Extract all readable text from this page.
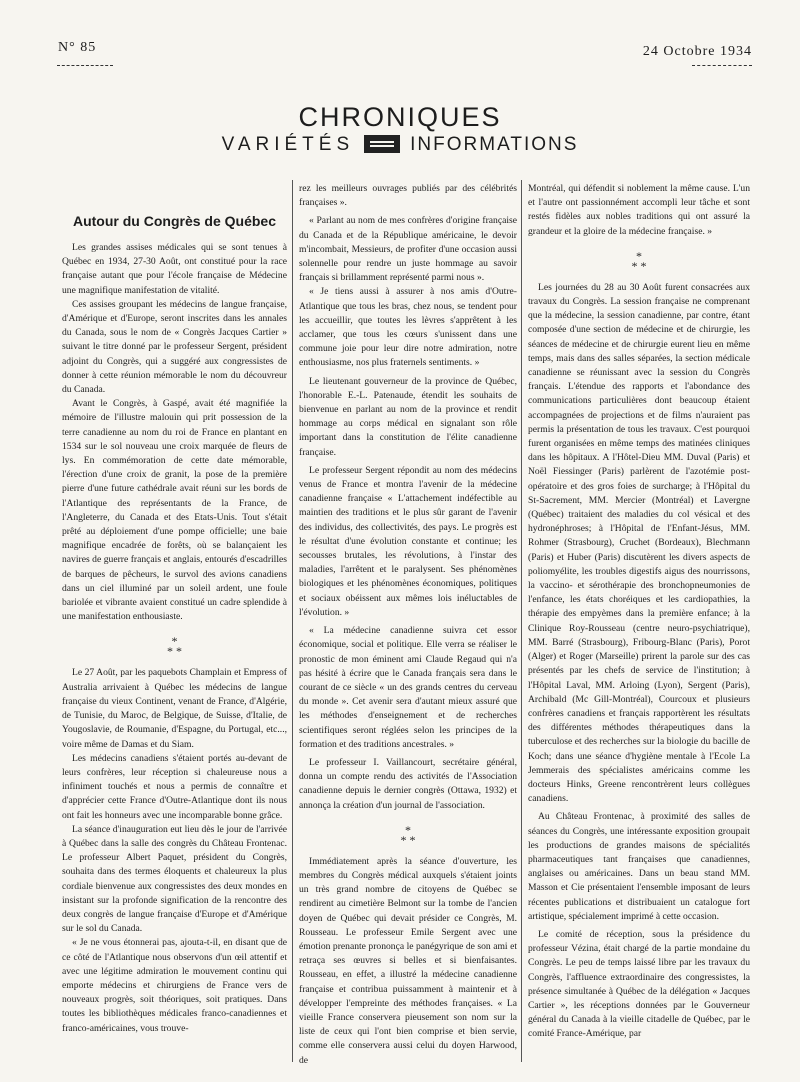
N° 85	24 Octobre 1934
CHRONIQUES
VARIÉTÉS	INFORMATIONS
Autour du Congrès de Québec

Les grandes assises médicales qui se sont tenues à Québec en 1934, 27-30 Août, ont constitué pour la race française autant que pour l'école française de Médecine une magnifique manifestation de vitalité.

Ces assises groupant les médecins de langue française, d'Amérique et d'Europe, seront inscrites dans les annales du Canada, sous le nom de « Congrès Jacques Cartier » suivant le titre donné par le professeur Sergent, président adjoint du Congrès, qui a suggéré aux congressistes de donner à cette réunion mémorable le nom du découvreur du Canada.

Avant le Congrès, à Gaspé, avait été magnifiée la mémoire de l'illustre malouin qui prit possession de la terre canadienne au nom du roi de France en plantant en 1534 sur le sol nouveau une croix marquée de fleurs de lys. En commémoration de cette date mémorable, l'érection d'une croix de granit, la pose de la première pierre d'une future cathédrale avait réuni sur les bords de l'Atlantique des représentants de la France, de l'Angleterre, du Canada et des Etats-Unis. Tout s'était prêté au déploiement d'une pompe officielle; une baie magnifique encadrée de forêts, où se balançaient les navires de guerre français et anglais, entourés d'escadrilles de barques de pêcheurs, le survol des avions canadiens dans un ciel illuminé par un soleil ardent, une foule bariolée et vibrante avaient constitué un cadre splendide à une manifestation enthousiaste.

*
* *

Le 27 Août, par les paquebots Champlain et Empress of Australia arrivaient à Québec les médecins de langue française du vieux Continent, venant de France, d'Algérie, de Tunisie, du Maroc, de Belgique, de Suisse, d'Italie, de Yougoslavie, de Roumanie, d'Espagne, du Portugal, etc..., voire même de Damas et du Siam.

Les médecins canadiens s'étaient portés au-devant de leurs confrères, leur réception si chaleureuse nous a infiniment touchés et nous a permis de connaître et d'apprécier cette France d'Outre-Atlantique dont ils nous ont fait les honneurs avec une incomparable bonne grâce.

La séance d'inauguration eut lieu dès le jour de l'arrivée à Québec dans la salle des congrès du Château Frontenac. Le professeur Albert Paquet, président du Congrès, souhaita dans des termes éloquents et chaleureux la plus cordiale bienvenue aux congressistes des deux mondes en insistant sur la profonde signification de la rencontre des deux congrès de langue française d'Europe et d'Amérique sur le sol du Canada.

« Je ne vous étonnerai pas, ajouta-t-il, en disant que de ce côté de l'Atlantique nous observons d'un œil attentif et avec une légitime admiration le mouvement continu qui emporte médecins et chirurgiens de France vers de nouveaux progrès, soit théoriques, soit pratiques. Dans toutes les bibliothèques médicales franco-canadiennes et franco-américaines, vous trouve-

rez les meilleurs ouvrages publiés par des célébrités françaises ».

« Parlant au nom de mes confrères d'origine française du Canada et de la République américaine, le devoir m'incombait, Messieurs, de profiter d'une occasion aussi solennelle pour rendre un juste hommage au savoir français si brillamment représenté parmi nous ».

« Je tiens aussi à assurer à nos amis d'Outre-Atlantique que tous les bras, chez nous, se tendent pour les accueillir, que toutes les lèvres s'apprêtent à les acclamer, que tous les cœurs s'unissent dans une commune joie pour leur dire notre admiration, notre enthousiasme, nos plus fraternels sentiments. »

Le lieutenant gouverneur de la province de Québec, l'honorable E.-L. Patenaude, étendit les souhaits de bienvenue en parlant au nom de la province et rendit hommage au corps médical en signalant son rôle important dans la constitution de l'élite canadienne française.

Le professeur Sergent répondit au nom des médecins venus de France et montra l'avenir de la médecine canadienne française « L'attachement indéfectible au maintien des traditions et le plus sûr garant de l'avenir des individus, des collectivités, des pays. Le progrès est le résultat d'une évolution constante et continue; les secousses brutales, les révolutions, à l'instar des maladies, l'arrêtent et le paralysent. Ses phénomènes biologiques et les phénomènes économiques, politiques et sociaux obéissent aux mêmes lois inéluctables de l'évolution. »

« La médecine canadienne suivra cet essor économique, social et politique. Elle verra se réaliser le pronostic de mon éminent ami Claude Regaud qui n'a pas hésité à écrire que le Canada français sera dans le courant de ce siècle « un des grands centres du cerveau du monde ». Cet avenir sera d'autant mieux assuré que les méthodes d'enseignement et de recherches scientifiques seront réglées selon les principes de la formation et des traditions ancestrales. »

Le professeur I. Vaillancourt, secrétaire général, donna un compte rendu des activités de l'Association canadienne depuis le dernier congrès (Ottawa, 1932) et annonça la création d'un journal de l'association.

*
* *

Immédiatement après la séance d'ouverture, les membres du Congrès médical auxquels s'étaient joints un très grand nombre de citoyens de Québec se rendirent au cimetière Belmont sur la tombe de l'ancien doyen de Québec qui devait présider ce Congrès, M. Rousseau. Le professeur Emile Sergent avec une émotion prenante prononça le panégyrique de son ami et retraça ses œuvres si belles et si bienfaisantes. Rousseau, en effet, a illustré la médecine canadienne française et contribua puissamment à maintenir et à développer l'empreinte des méthodes françaises. « La vieille France conservera pieusement son nom sur la liste de ceux qui l'ont bien comprise et bien servie, comme elle conservera aussi celui du doyen Harwood, de

Montréal, qui défendit si noblement la même cause. L'un et l'autre ont passionnément accompli leur tâche et sont restés fidèles aux nobles traditions qui ont assuré la grandeur et la gloire de la médecine française. »

*
* *

Les journées du 28 au 30 Août furent consacrées aux travaux du Congrès. La session française ne comprenant que la médecine, la session canadienne, par contre, étant composée d'une section de médecine et de chirurgie, les séances de médecine et de chirurgie eurent lieu en même temps, mais dans des salles séparées, la section médicale canadienne se réunissant avec la session du Congrès français. L'étendue des rapports et l'abondance des communications particulières dont beaucoup étaient accompagnées de projections et de films n'auraient pas permis la présentation de tous les travaux. C'est pourquoi furent organisées en même temps des matinées cliniques dans les hôpitaux. A l'Hôtel-Dieu MM. Duval (Paris) et Noël Fiessinger (Paris) parlèrent de l'azotémie post-opératoire et des gros foies de surcharge; à l'Hôpital du St-Sacrement, MM. Mercier (Montréal) et Lavergne (Québec) traitaient des maladies du col vésical et des hydronéphroses; à l'Hôpital de l'Enfant-Jésus, MM. Rohmer (Strasbourg), Cruchet (Bordeaux), Blechmann (Paris) et Huber (Paris) discutèrent les divers aspects de poliomyélite, les troubles digestifs aigus des nourrissons, la vaccino- et sérothérapie des bronchopneumonies de l'enfance, les états choréiques et les cardiopathies, la thérapie des empyèmes dans la première enfance; à la Clinique Roy-Rousseau (centre neuro-psychiatrique), MM. Barré (Strasbourg), Fribourg-Blanc (Paris), Porot (Alger) et Roger (Marseille) prirent la parole sur des cas présentés par les chefs de service de l'institution; à l'Hôpital Laval, MM. Arloing (Lyon), Sergent (Paris), Archibald (Mc Gill-Montréal), Courcoux et plusieurs confrères canadiens et français rapportèrent les résultats des différentes méthodes thérapeutiques dans la tuberculose et des recherches sur la biologie du bacille de Koch; dans une séance d'hygiène mentale à l'Ecole La Jemmerais des spécialistes américains comme les docteurs Hinks, Greene rencontrèrent leurs collègues canadiens.

Au Château Frontenac, à proximité des salles de séances du Congrès, une intéressante exposition groupait les productions de grandes maisons de spécialités pharmaceutiques tant françaises que canadiennes, anglaises ou américaines. Dans un beau stand MM. Masson et Cie présentaient l'ensemble imposant de leurs récentes publications et distribuaient un catalogue fort artistique, spécialement imprimé à cette occasion.

Le comité de réception, sous la présidence du professeur Vézina, était chargé de la partie mondaine du Congrès. Le peu de temps laissé libre par les travaux du Congrès, l'affluence extraordinaire des congressistes, la présence simultanée à Québec de la délégation « Jacques Cartier », les réceptions données par le Gouverneur général du Canada à la vieille citadelle de Québec, par le comité France-Amérique, par
